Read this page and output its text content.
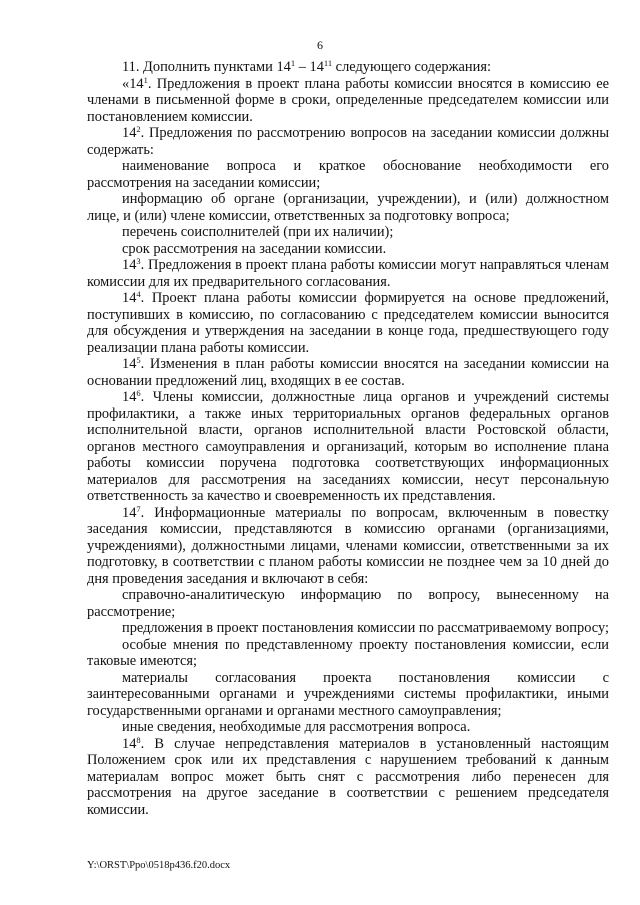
6

11. Дополнить пунктами $14^1 - 14^{11}$ следующего содержания:

«$14^1$. Предложения в проект плана работы комиссии вносятся в комиссию ее членами в письменной форме в сроки, определенные председателем комиссии или постановлением комиссии.

$14^2$. Предложения по рассмотрению вопросов на заседании комиссии должны содержать:

наименование вопроса и краткое обоснование необходимости его рассмотрения на заседании комиссии;

информацию об органе (организации, учреждении), и (или) должностном лице, и (или) члене комиссии, ответственных за подготовку вопроса;

перечень соисполнителей (при их наличии);

срок рассмотрения на заседании комиссии.

$14^3$. Предложения в проект плана работы комиссии могут направляться членам комиссии для их предварительного согласования.

$14^4$. Проект плана работы комиссии формируется на основе предложений, поступивших в комиссию, по согласованию с председателем комиссии выносится для обсуждения и утверждения на заседании в конце года, предшествующего году реализации плана работы комиссии.

$14^5$. Изменения в план работы комиссии вносятся на заседании комиссии на основании предложений лиц, входящих в ее состав.

$14^6$. Члены комиссии, должностные лица органов и учреждений системы профилактики, а также иных территориальных органов федеральных органов исполнительной власти, органов исполнительной власти Ростовской области, органов местного самоуправления и организаций, которым во исполнение плана работы комиссии поручена подготовка соответствующих информационных материалов для рассмотрения на заседаниях комиссии, несут персональную ответственность за качество и своевременность их представления.

$14^7$. Информационные материалы по вопросам, включенным в повестку заседания комиссии, представляются в комиссию органами (организациями, учреждениями), должностными лицами, членами комиссии, ответственными за их подготовку, в соответствии с планом работы комиссии не позднее чем за 10 дней до дня проведения заседания и включают в себя:

справочно-аналитическую информацию по вопросу, вынесенному на рассмотрение;

предложения в проект постановления комиссии по рассматриваемому вопросу;

особые мнения по представленному проекту постановления комиссии, если таковые имеются;

материалы согласования проекта постановления комиссии с заинтересованными органами и учреждениями системы профилактики, иными государственными органами и органами местного самоуправления;

иные сведения, необходимые для рассмотрения вопроса.

$14^8$. В случае непредставления материалов в установленный настоящим Положением срок или их представления с нарушением требований к данным материалам вопрос может быть снят с рассмотрения либо перенесен для рассмотрения на другое заседание в соответствии с решением председателя комиссии.

Y:\ORST\Ppo\0518p436.f20.docx
